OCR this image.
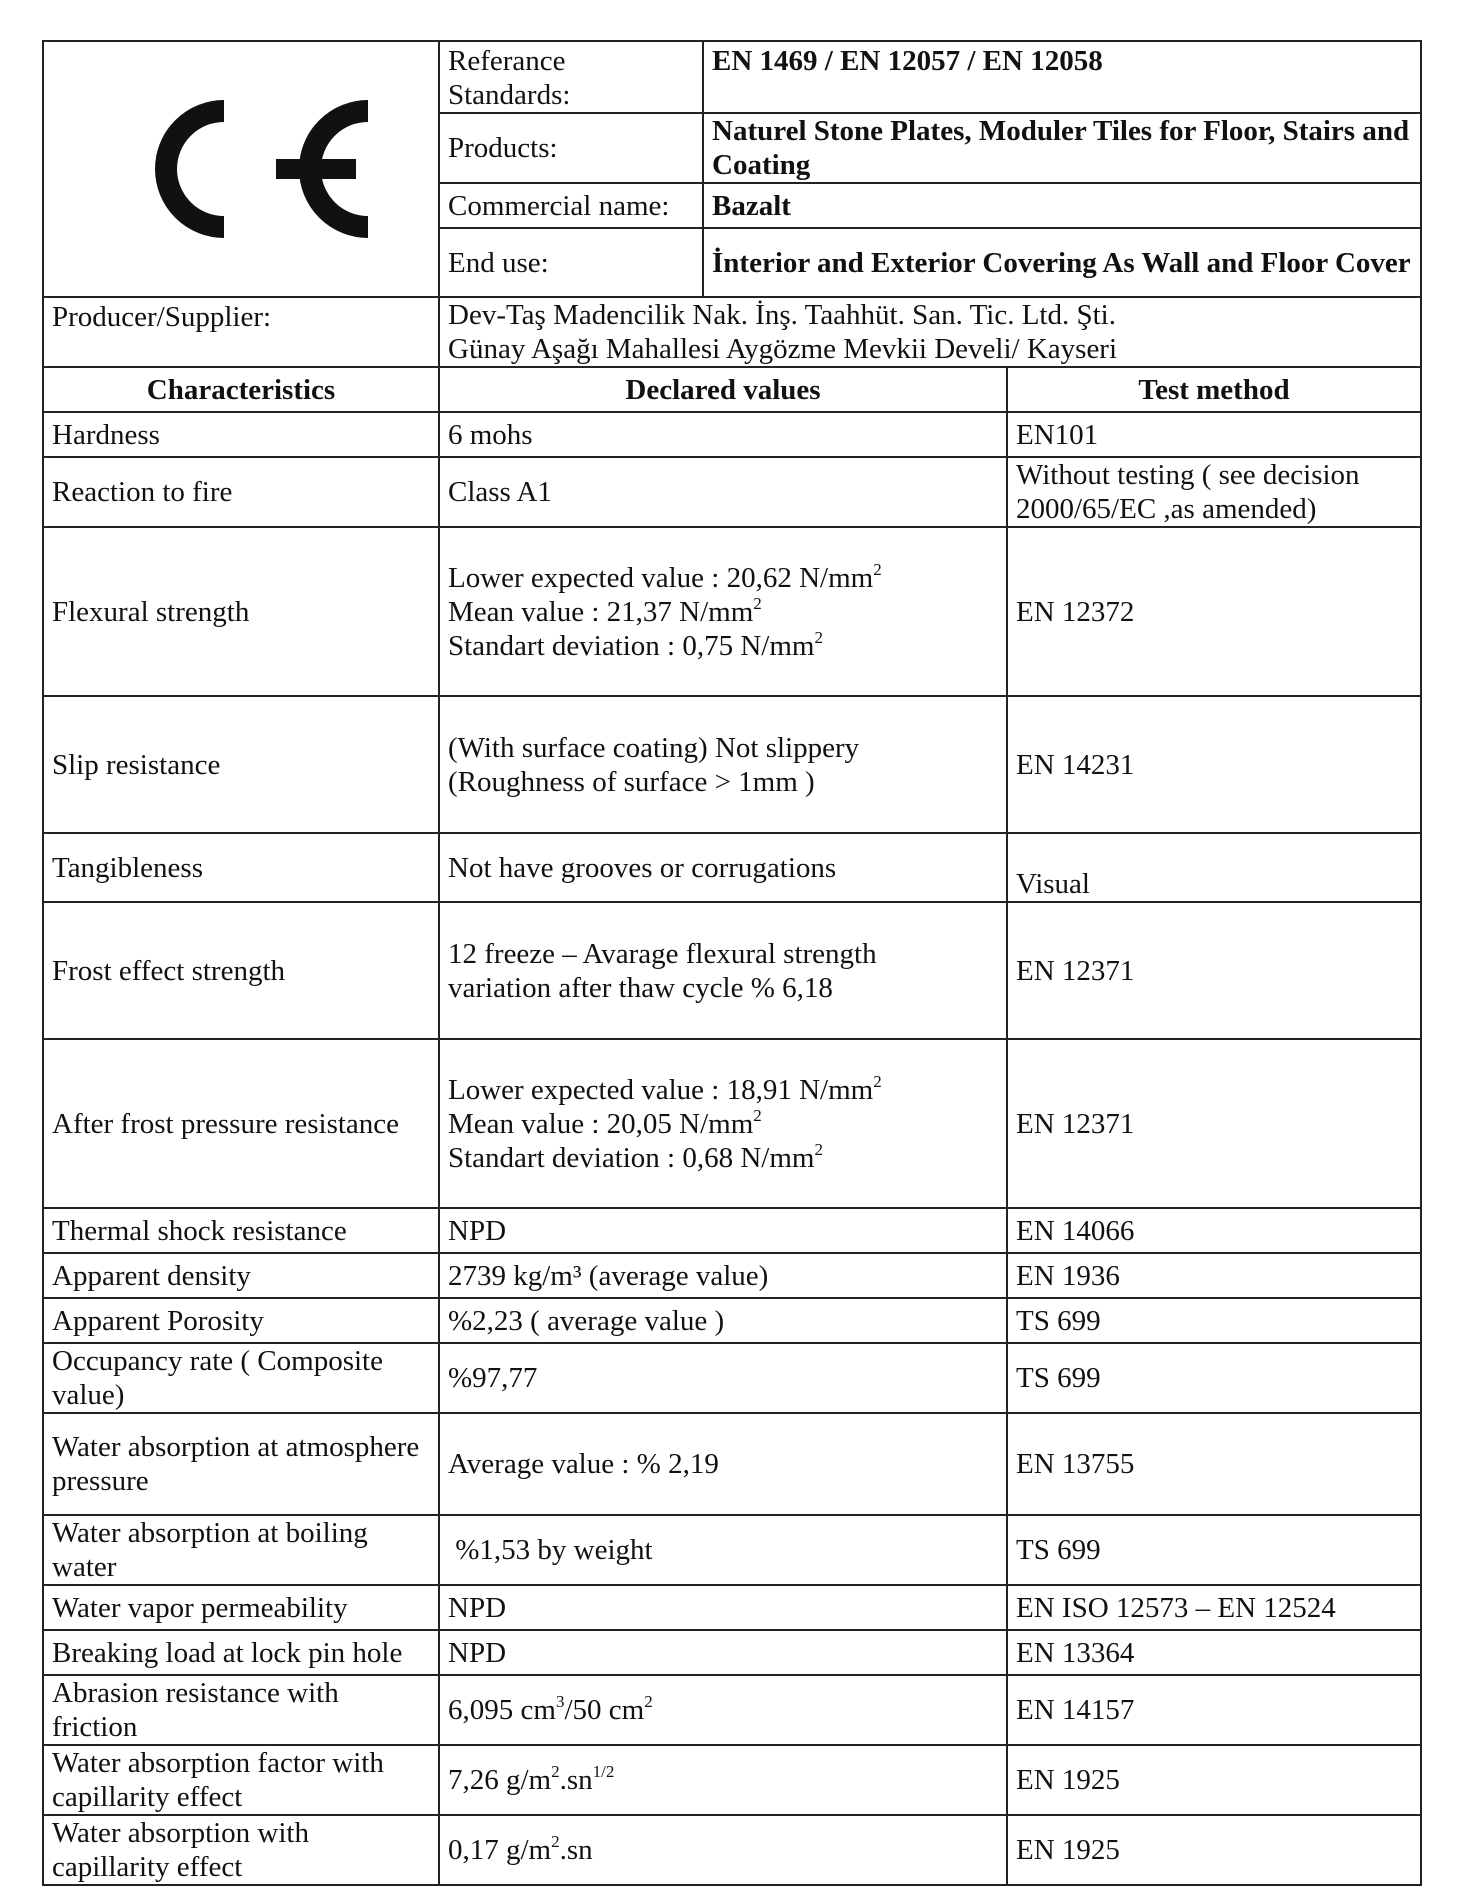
	Referance Standards:	EN 1469 / EN 12057 / EN 12058	
	Products:	Naturel Stone Plates, Moduler Tiles for Floor, Stairs and Coating	
	Commercial name:	Bazalt	
	End use:	İnterior and Exterior Covering As Wall and Floor Cover	
Producer/Supplier:	Dev-Taş Madencilik Nak. İnş. Taahhüt. San. Tic. Ltd. Şti.
Günay Aşağı Mahallesi Aygözme Mevkii Develi/ Kayseri		

Characteristics	Declared values		Test method
Hardness	6 mohs		EN101
Reaction to fire	Class A1		Without testing ( see decision 2000/65/EC ,as amended)
Flexural strength	Lower expected value : 20,62 $N/mm^2$
Mean value : 21,37 $N/mm^2$
Standart deviation : 0,75 $N/mm^2$		EN 12372
Slip resistance	(With surface coating) Not slippery
(Roughness of surface > 1mm )		EN 14231
Tangibleness	Not have grooves or corrugations		Visual
Frost effect strength	12 freeze – Avarage flexural strength
variation after thaw cycle % 6,18		EN 12371
After frost pressure resistance	Lower expected value : 18,91 $N/mm^2$
Mean value : 20,05 $N/mm^2$
Standart deviation : 0,68 $N/mm^2$		EN 12371
Thermal shock resistance	NPD		EN 14066
Apparent density	2739 kg/m³ (average value)		EN 1936
Apparent Porosity	%2,23 ( average value )		TS 699
Occupancy rate ( Composite value)	%97,77		TS 699
Water absorption at atmosphere pressure	Average value : % 2,19		EN 13755
Water absorption at boiling water	%1,53 by weight		TS 699
Water vapor permeability	NPD		EN ISO 12573 – EN 12524
Breaking load at lock pin hole	NPD		EN 13364
Abrasion resistance with friction	6,095 $cm^3/50$ $cm^2$		EN 14157
Water absorption factor with capillarity effect	7,26 $g/m^2.sn^{1/2}$		EN 1925
Water absorption with capillarity effect	0,17 $g/m^2.sn$		EN 1925
